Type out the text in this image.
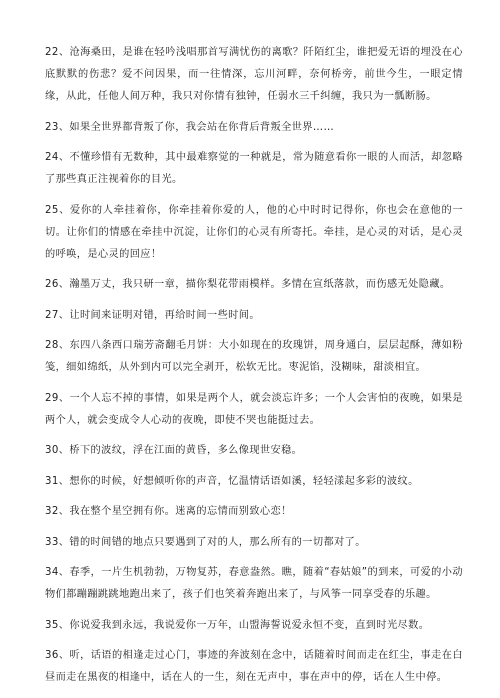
22、沧海桑田，是谁在轻吟浅唱那首写满忧伤的离歌？阡陌红尘，谁把爱无语的埋没在心底默默的伤悲？爱不问因果，而一往情深，忘川河畔，奈何桥旁，前世今生，一眼定情缘，从此，任他人间万种，我只对你情有独钟，任弱水三千纠缠，我只为一瓢断肠。

23、如果全世界都背叛了你，我会站在你背后背叛全世界……

24、不懂珍惜有无数种，其中最难察觉的一种就是，常为随意看你一眼的人而活，却忽略了那些真正注视着你的目光。

25、爱你的人牵挂着你，你牵挂着你爱的人，他的心中时时记得你，你也会在意他的一切。让你们的情感在牵挂中沉淀，让你们的心灵有所寄托。牵挂，是心灵的对话，是心灵的呼唤，是心灵的回应！

26、瀚墨万丈，我只研一章，描你梨花带雨模样。多情在宣纸落款，而伤感无处隐藏。

27、让时间来证明对错，再给时间一些时间。

28、东四八条西口瑞芳斋翻毛月饼：大小如现在的玫瑰饼，周身通白，层层起酥，薄如粉笺，细如绵纸，从外到内可以完全剥开，松软无比。枣泥馅，没糊味，甜淡相宜。

29、一个人忘不掉的事情，如果是两个人，就会淡忘许多；一个人会害怕的夜晚，如果是两个人，就会变成令人心动的夜晚，即使不哭也能挺过去。

30、桥下的波纹，浮在江面的黄昏，多么像现世安稳。

31、想你的时候，好想倾听你的声音，忆温情话语如溪，轻轻漾起多彩的波纹。

32、我在整个星空拥有你。迷离的忘情而别致心恋！

33、错的时间错的地点只要遇到了对的人，那么所有的一切都对了。

34、春季，一片生机勃勃，万物复苏，春意盎然。瞧，随着“春姑娘”的到来，可爱的小动物们都蹦蹦跳跳地跑出来了，孩子们也笑着奔跑出来了，与风筝一同享受春的乐趣。

35、你说爱我到永远，我说爱你一万年，山盟海誓说爱永恒不变，直到时光尽数。

36、听，话语的相逢走过心门，事迹的奔波刻在念中，话随着时间而走在红尘，事走在白昼而走在黑夜的相逢中，话在人的一生，刻在无声中，事在声中的停，话在人生中停。
